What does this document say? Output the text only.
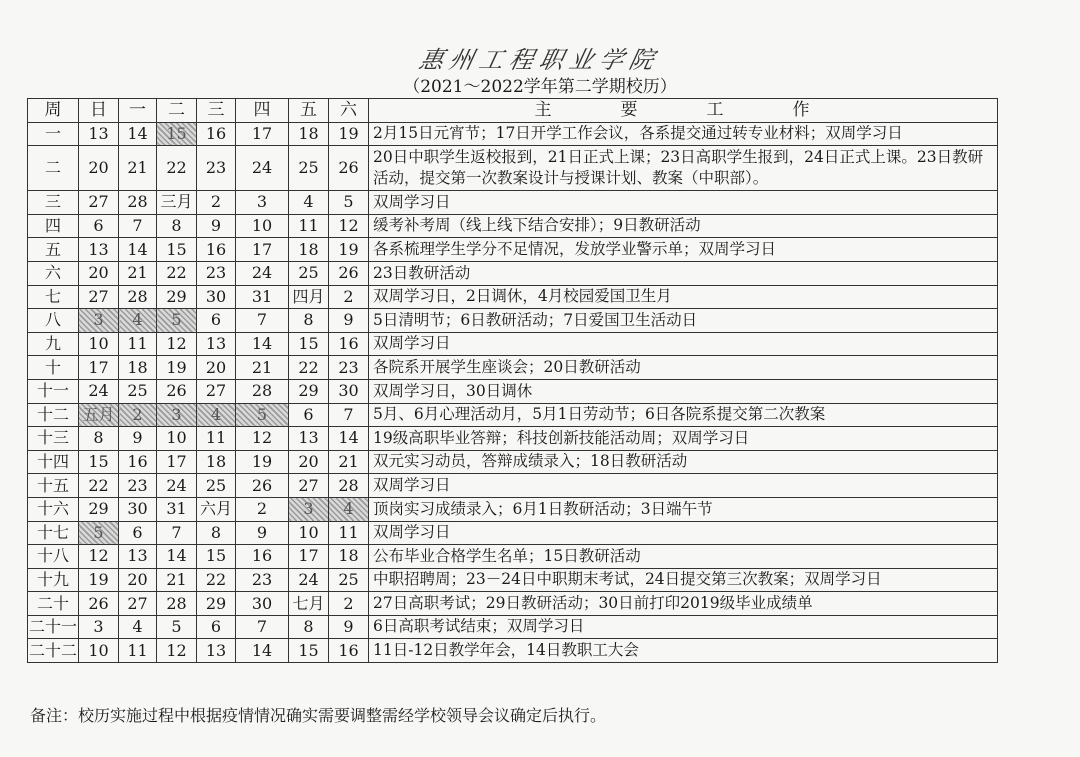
惠州工程职业学院
（2021～2022学年第二学期校历）
周	日	一	二	三	四	五	六	主　要　工　作
一	13	14	15	16	17	18	19	2月15日元宵节；17日开学工作会议，各系提交通过转专业材料；双周学习日
二	20	21	22	23	24	25	26	20日中职学生返校报到，21日正式上课；23日高职学生报到，24日正式上课。23日教研活动，提交第一次教案设计与授课计划、教案（中职部）。
三	27	28	三月	2	3	4	5	双周学习日
四	6	7	8	9	10	11	12	缓考补考周（线上线下结合安排）；9日教研活动
五	13	14	15	16	17	18	19	各系梳理学生学分不足情况，发放学业警示单；双周学习日
六	20	21	22	23	24	25	26	23日教研活动
七	27	28	29	30	31	四月	2	双周学习日，2日调休，4月校园爱国卫生月
八	3	4	5	6	7	8	9	5日清明节；6日教研活动；7日爱国卫生活动日
九	10	11	12	13	14	15	16	双周学习日
十	17	18	19	20	21	22	23	各院系开展学生座谈会；20日教研活动
十一	24	25	26	27	28	29	30	双周学习日，30日调休
十二	五月	2	3	4	5	6	7	5月、6月心理活动月，5月1日劳动节；6日各院系提交第二次教案
十三	8	9	10	11	12	13	14	19级高职毕业答辩；科技创新技能活动周；双周学习日
十四	15	16	17	18	19	20	21	双元实习动员，答辩成绩录入；18日教研活动
十五	22	23	24	25	26	27	28	双周学习日
十六	29	30	31	六月	2	3	4	顶岗实习成绩录入；6月1日教研活动；3日端午节
十七	5	6	7	8	9	10	11	双周学习日
十八	12	13	14	15	16	17	18	公布毕业合格学生名单；15日教研活动
十九	19	20	21	22	23	24	25	中职招聘周；23－24日中职期末考试，24日提交第三次教案；双周学习日
二十	26	27	28	29	30	七月	2	27日高职考试；29日教研活动；30日前打印2019级毕业成绩单
二十一	3	4	5	6	7	8	9	6日高职考试结束；双周学习日
二十二	10	11	12	13	14	15	16	11日-12日教学年会，14日教职工大会
备注：校历实施过程中根据疫情情况确实需要调整需经学校领导会议确定后执行。
